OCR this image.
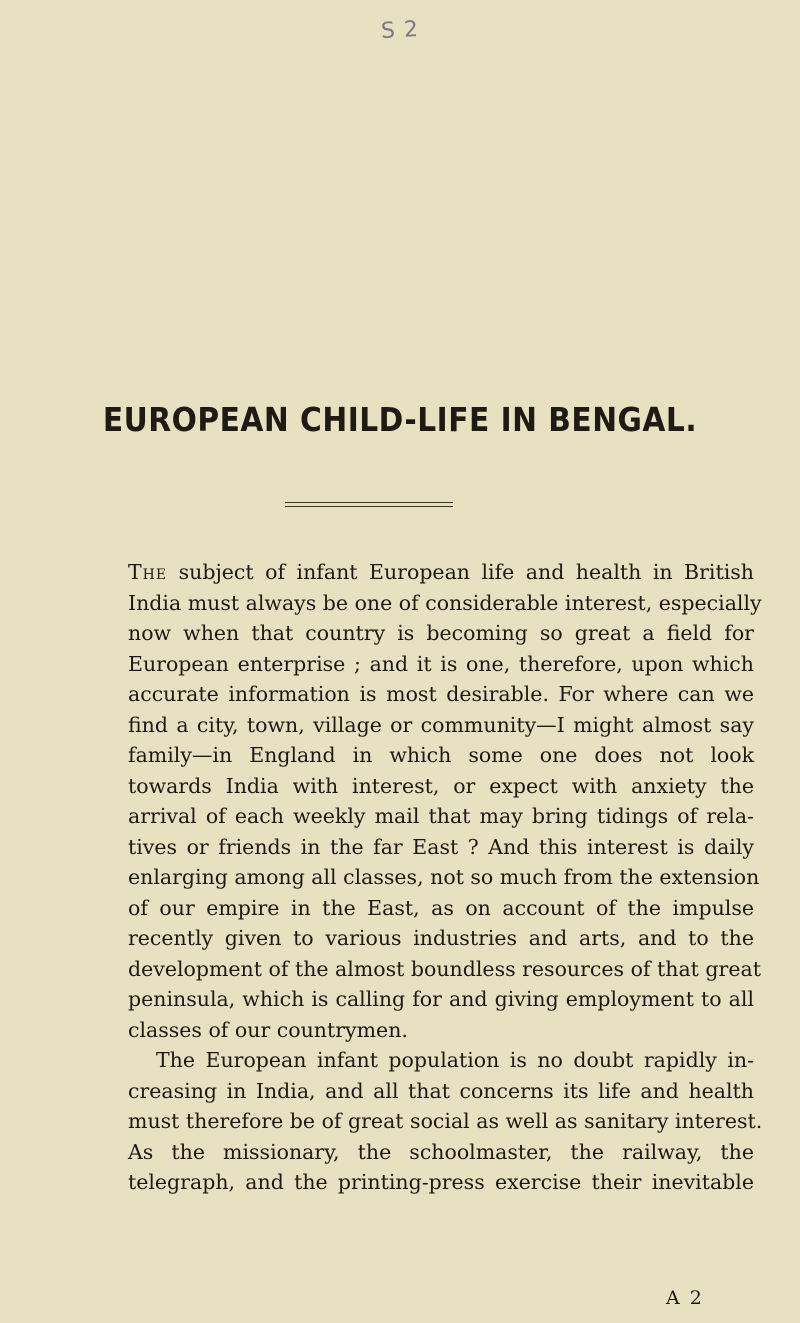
S 2
EUROPEAN CHILD-LIFE IN BENGAL.
The subject of infant European life and health in British
India must always be one of considerable interest, especially
now when that country is becoming so great a field for
European enterprise ; and it is one, therefore, upon which
accurate information is most desirable. For where can we
find a city, town, village or community—I might almost say
family—in England in which some one does not look
towards India with interest, or expect with anxiety the
arrival of each weekly mail that may bring tidings of rela-
tives or friends in the far East ? And this interest is daily
enlarging among all classes, not so much from the extension
of our empire in the East, as on account of the impulse
recently given to various industries and arts, and to the
development of the almost boundless resources of that great
peninsula, which is calling for and giving employment to all
classes of our countrymen.
The European infant population is no doubt rapidly in-
creasing in India, and all that concerns its life and health
must therefore be of great social as well as sanitary interest.
As the missionary, the schoolmaster, the railway, the
telegraph, and the printing-press exercise their inevitable
A 2
